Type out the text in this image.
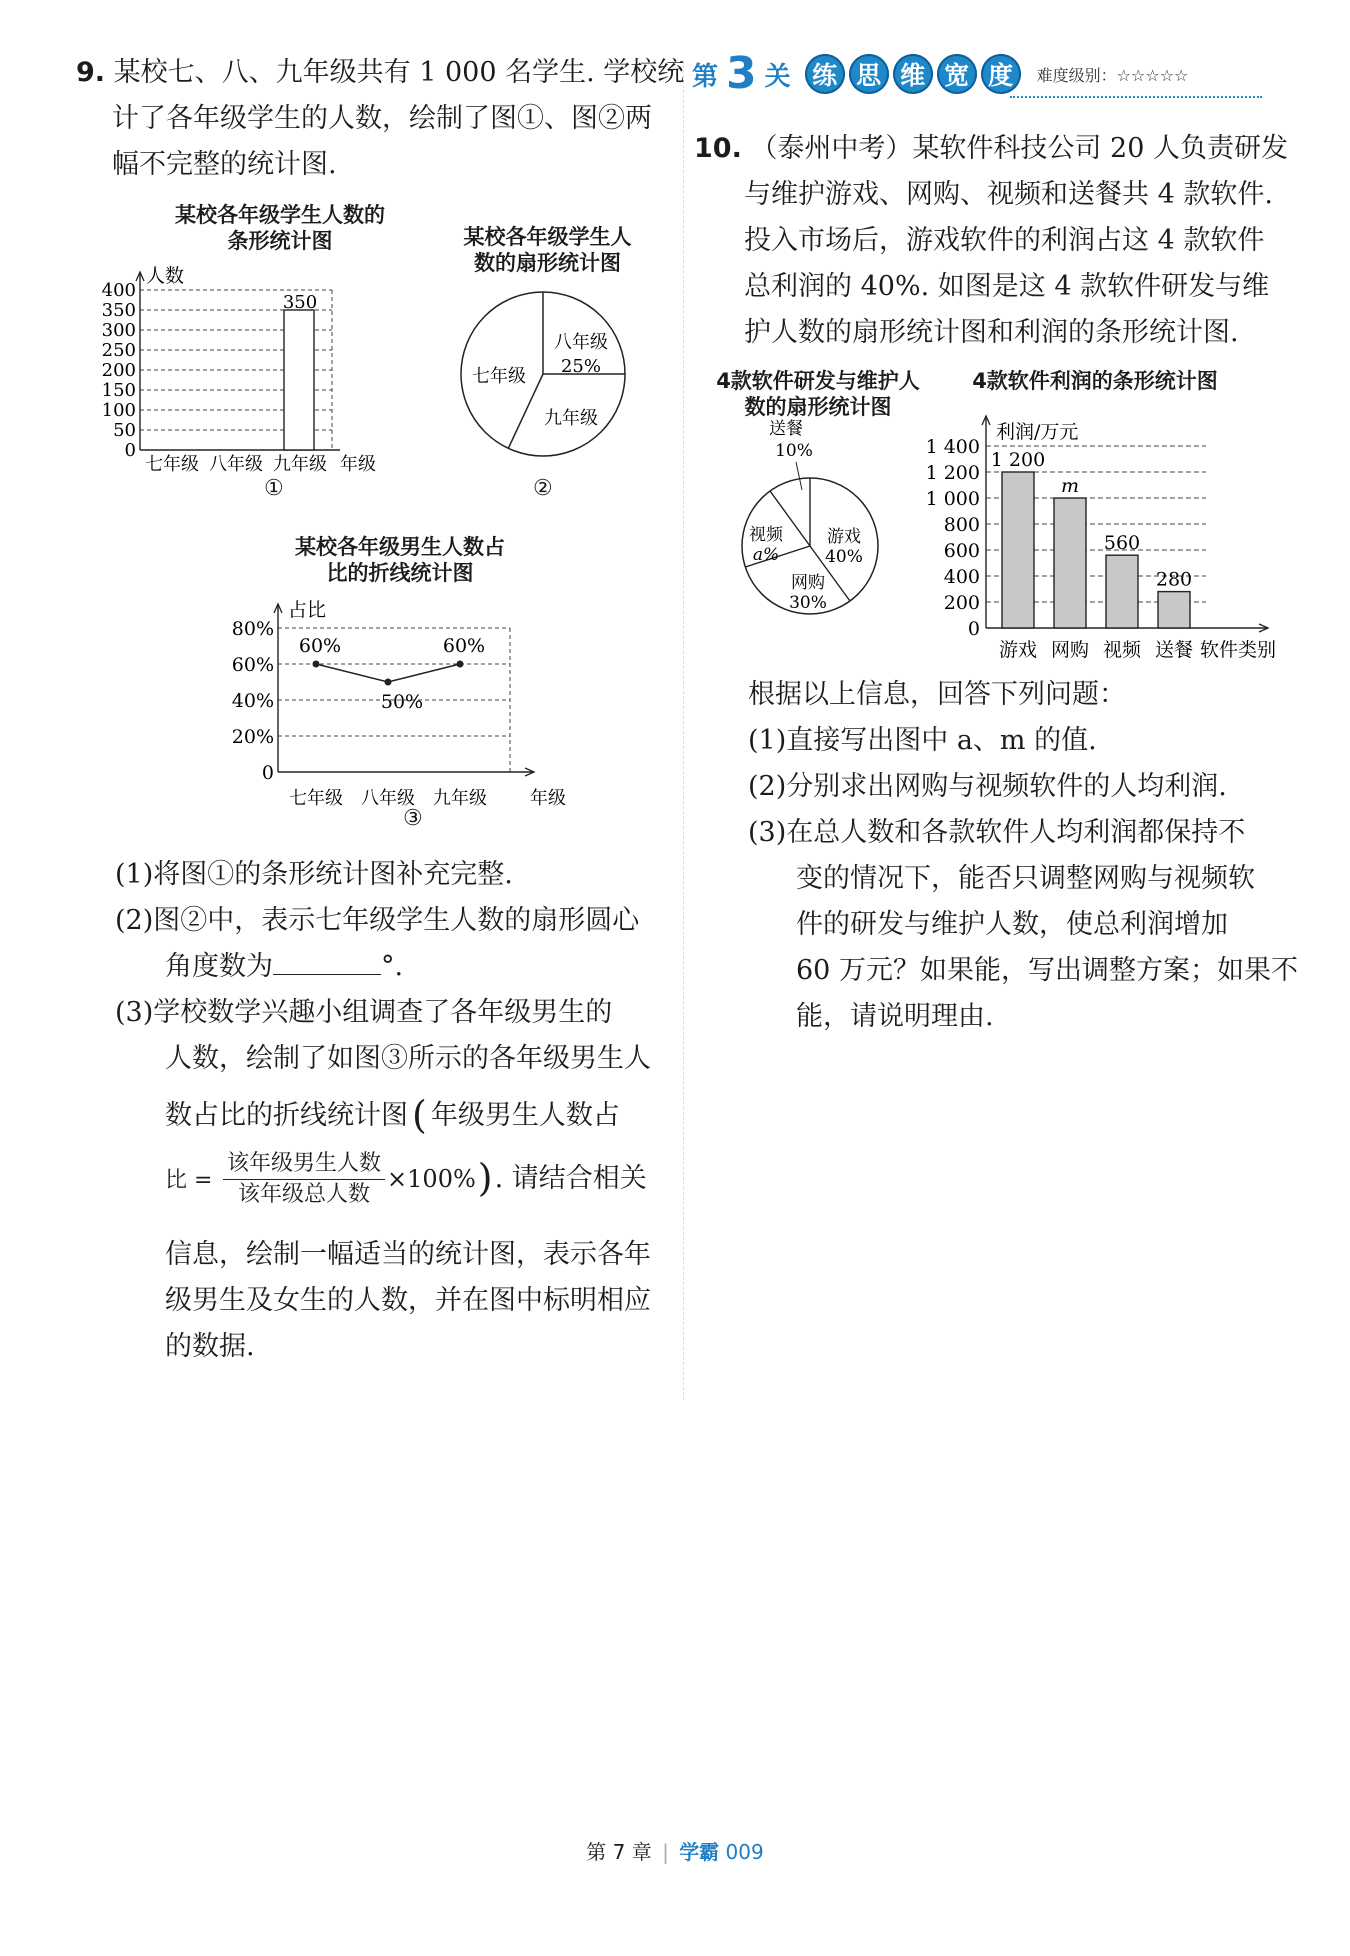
9. 某校七、八、九年级共有 1 000 名学生. 学校统
计了各年级学生的人数，绘制了图①、图②两
幅不完整的统计图.
某校各年级学生人数的
条形统计图
400
350
300
250
200
150
100
50
0
人数
七年级 八年级 九年级
350
年级
某校各年级学生人
数的扇形统计图
八年级
25%
七年级
九年级
某校各年级男生人数占
比的折线统计图
80%
60%
40%
20%
0
占比
七年级 八年级 九年级
60%
50%
60%
年级
(1)将图①的条形统计图补充完整.
(2)图②中，表示七年级学生人数的扇形圆心
角度数为	°.
(3)学校数学兴趣小组调查了各年级男生的
人数，绘制了如图③所示的各年级男生人
数占比的折线统计图 ( 年级男生人数占
比 = $\frac{\text{该年级男生人数}}{\text{该年级总人数}} \times 100\%$). 请结合相关
信息，绘制一幅适当的统计图，表示各年
级男生及女生的人数，并在图中标明相应
的数据.
第 3 关 练 思 维 宽 度	难度级别：☆☆☆☆☆
10. （泰州中考）某软件科技公司 20 人负责研发
与维护游戏、网购、视频和送餐共 4 款软件.
投入市场后，游戏软件的利润占这 4 款软件
总利润的 40%. 如图是这 4 款软件研发与维
护人数的扇形统计图和利润的条形统计图.
4款软件研发与维护人
数的扇形统计图
游戏
40%
网购
30%
视频
a%
送餐
10%
4款软件利润的条形统计图
1 400
1 200
1 000
800
600
400
200
0
利润/万元
1 200
游戏
m
网购
560
视频
280
送餐 软件类别
根据以上信息，回答下列问题：
(1)直接写出图中 a、m 的值.
(2)分别求出网购与视频软件的人均利润.
(3)在总人数和各款软件人均利润都保持不
变的情况下，能否只调整网购与视频软
件的研发与维护人数，使总利润增加
60 万元？如果能，写出调整方案；如果不
能，请说明理由.
第 7 章 | 学霸 009
①	②
③
